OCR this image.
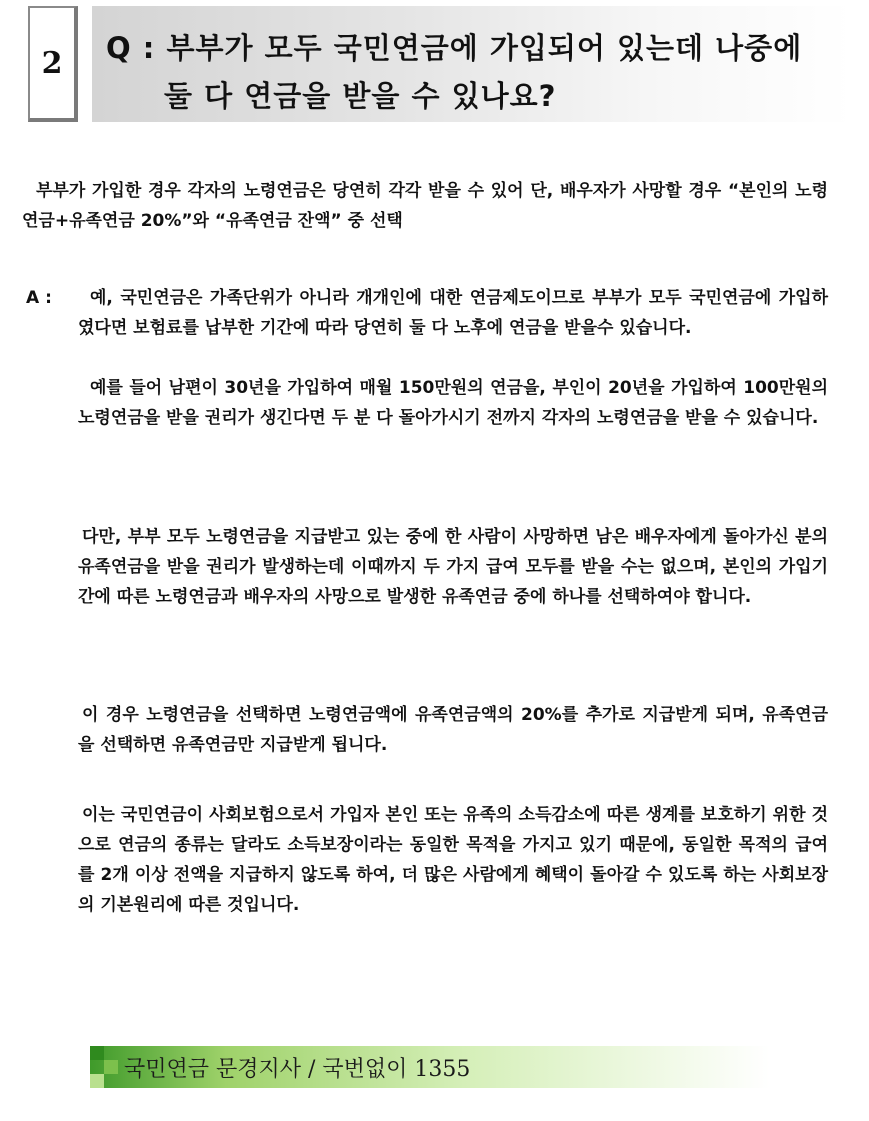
2 Q : 부부가 모두 국민연금에 가입되어 있는데 나중에
둘 다 연금을 받을 수 있나요?

부부가 가입한 경우 각자의 노령연금은 당연히 각각 받을 수 있어 단, 배우자가 사망할 경우 “본인의 노령연금+유족연금 20%”와 “유족연금 잔액” 중 선택

A :	예, 국민연금은 가족단위가 아니라 개개인에 대한 연금제도이므로 부부가 모두 국민연금에 가입하였다면 보험료를 납부한 기간에 따라 당연히 둘 다 노후에 연금을 받을수 있습니다.

예를 들어 남편이 30년을 가입하여 매월 150만원의 연금을, 부인이 20년을 가입하여 100만원의 노령연금을 받을 권리가 생긴다면 두 분 다 돌아가시기 전까지 각자의 노령연금을 받을 수 있습니다.

다만, 부부 모두 노령연금을 지급받고 있는 중에 한 사람이 사망하면 남은 배우자에게 돌아가신 분의 유족연금을 받을 권리가 발생하는데 이때까지 두 가지 급여 모두를 받을 수는 없으며, 본인의 가입기간에 따른 노령연금과 배우자의 사망으로 발생한 유족연금 중에 하나를 선택하여야 합니다.

이 경우 노령연금을 선택하면 노령연금액에 유족연금액의 20%를 추가로 지급받게 되며, 유족연금을 선택하면 유족연금만 지급받게 됩니다.

이는 국민연금이 사회보험으로서 가입자 본인 또는 유족의 소득감소에 따른 생계를 보호하기 위한 것으로 연금의 종류는 달라도 소득보장이라는 동일한 목적을 가지고 있기 때문에, 동일한 목적의 급여를 2개 이상 전액을 지급하지 않도록 하여, 더 많은 사람에게 혜택이 돌아갈 수 있도록 하는 사회보장의 기본원리에 따른 것입니다.

국민연금 문경지사 / 국번없이 1355
